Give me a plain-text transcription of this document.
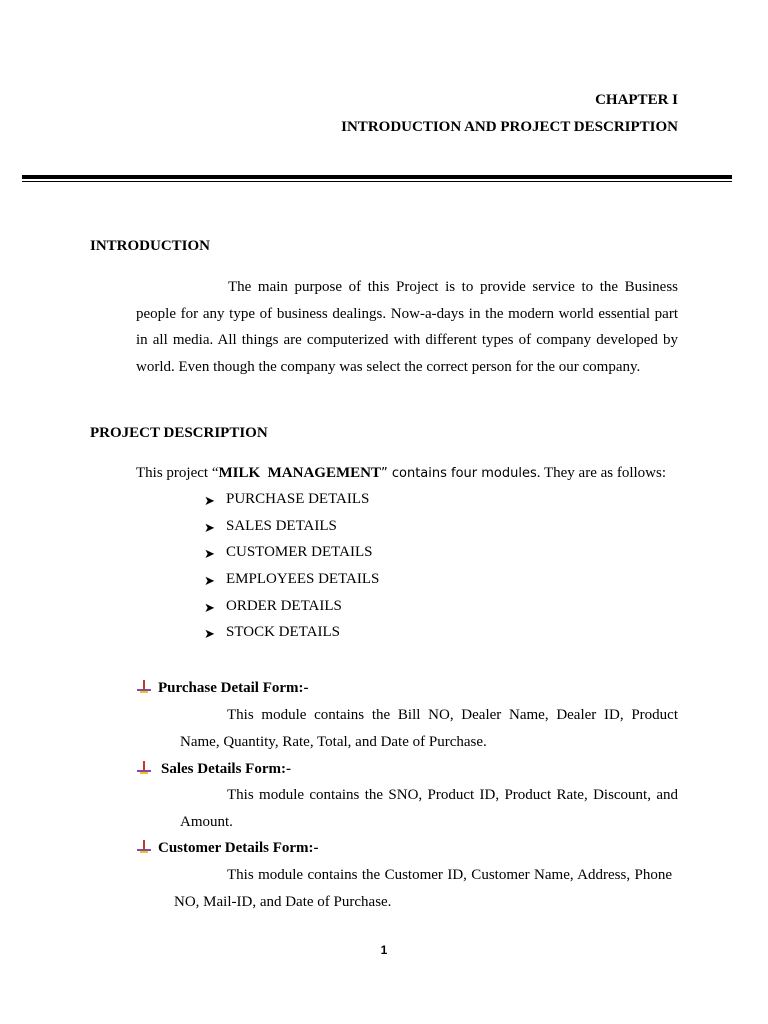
CHAPTER I
INTRODUCTION AND PROJECT DESCRIPTION
INTRODUCTION
The main purpose of this Project is to provide service to the Business people for any type of business dealings. Now-a-days in the modern world essential part in all media. All things are computerized with different types of company developed by world. Even though the company was select the correct person for the our company.
PROJECT DESCRIPTION
This project “MILK  MANAGEMENT” contains four modules. They are as follows:
➤ PURCHASE DETAILS
➤ SALES DETAILS
➤ CUSTOMER DETAILS
➤ EMPLOYEES DETAILS
➤ ORDER DETAILS
➤ STOCK DETAILS
Purchase Detail Form:-
This module contains the Bill NO, Dealer Name, Dealer ID, Product Name, Quantity, Rate, Total, and Date of Purchase.
Sales Details Form:-
This module contains the SNO, Product ID, Product Rate, Discount, and Amount.
Customer Details Form:-
This module contains the Customer ID, Customer Name, Address, Phone NO, Mail-ID, and Date of Purchase.
1
